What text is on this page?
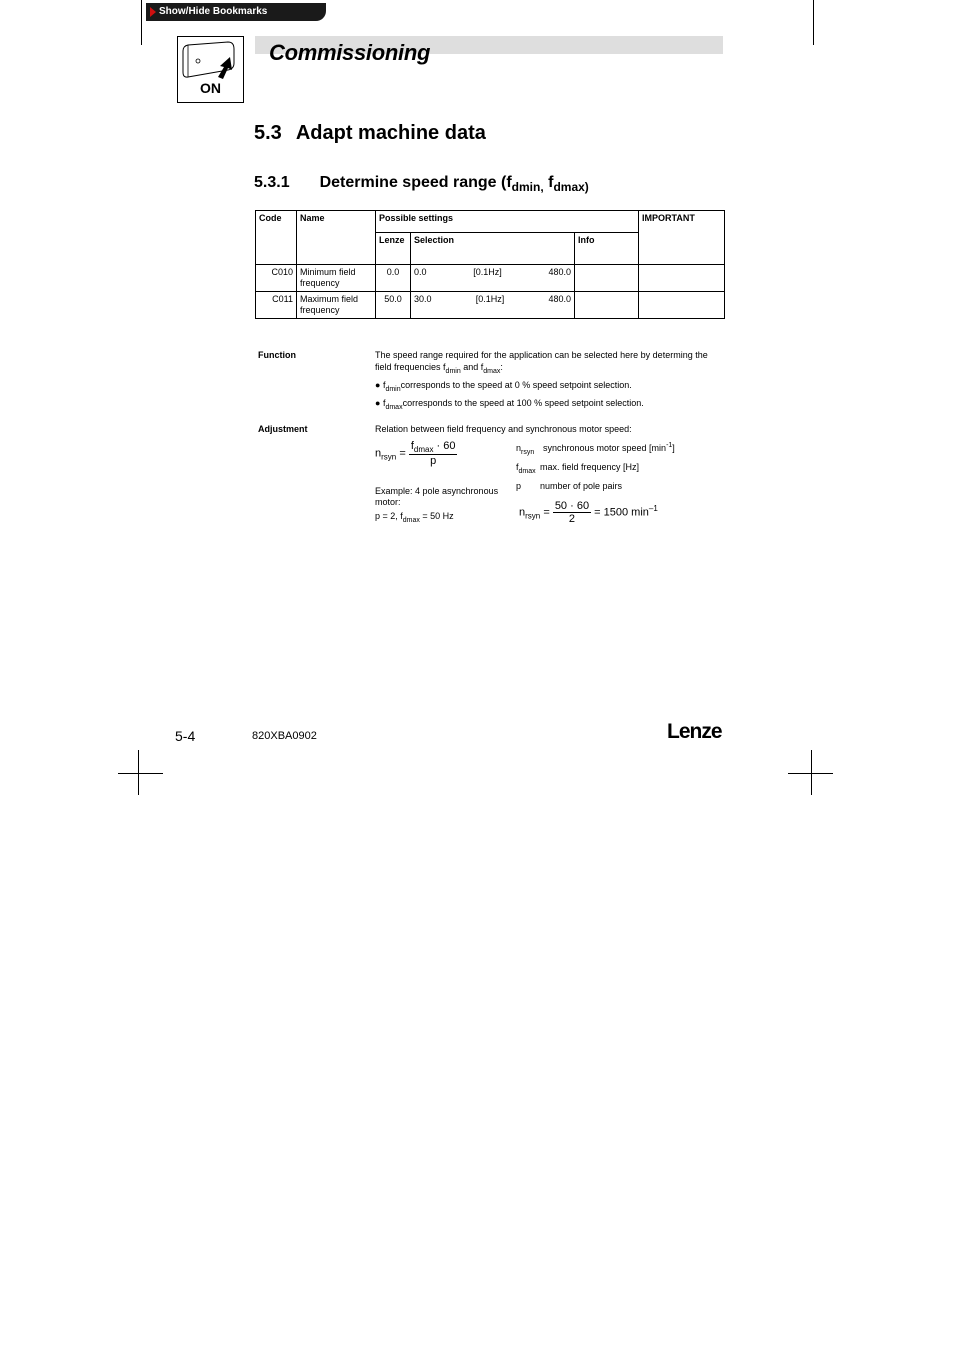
Show/Hide Bookmarks
ON
Commissioning
5.3 Adapt machine data
5.3.1 Determine speed range ($f_{dmin,}$ $f_{dmax)}$
Code	Name	Possible settings			IMPORTANT
		Lenze	Selection	Info	
C010	Minimum field frequency	0.0	0.0 [0.1Hz] 480.0		

C011	Maximum field frequency	50.0	30.0 [0.1Hz] 480.0		

Function	The speed range required for the application can be selected here by determing the
field frequencies $f_{dmin}$ and $f_{dmax}$:
● $f_{dmin}corresponds$ to the speed at 0 % speed setpoint selection.
● $f_{dmax}corresponds$ to the speed at 100 % speed setpoint selection.
Adjustment	Relation between field frequency and synchronous motor speed:
$n_{rsyn} = \frac{f_{dmax} \cdot 60}{p}$	$n_{rsyn}$ synchronous motor speed $[\min^{-1}]$
$f_{dmax}$ max. field frequency [Hz]
p number of pole pairs
Example: 4 pole asynchronous
motor:
p = 2, $f_{dmax} = 50$ Hz	$n_{rsyn} = \frac{50 \cdot 60}{2} = 1500$ $\min^{-1}$
5-4	820XBA0902	Lenze
